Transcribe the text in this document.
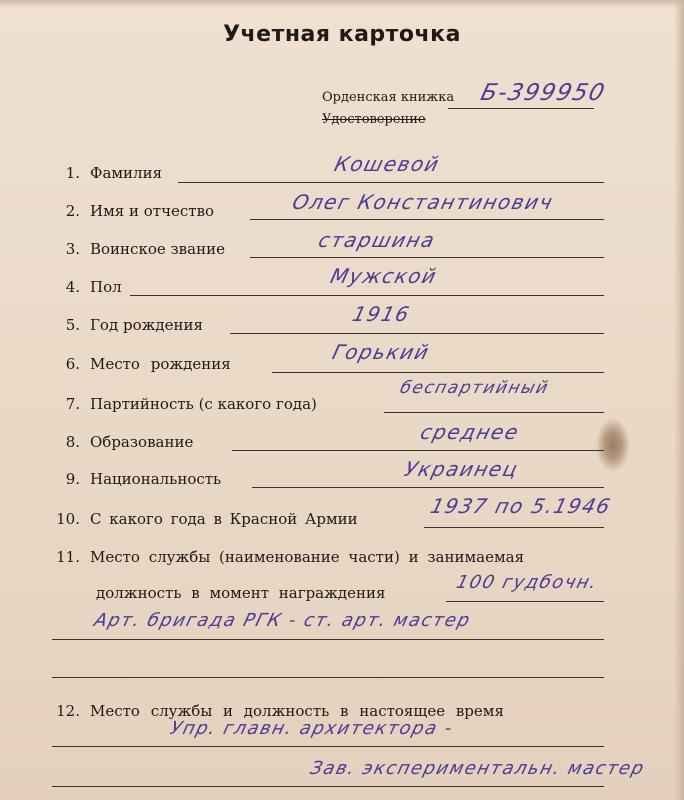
Учетная карточка
Орденская книжка
Удостоверение
Б-399950
1. Фамилия	Кошевой
2. Имя и отчество	Олег Константинович
3. Воинское звание	старшина
4. Пол	Мужской
5. Год рождения	1916
6. Место рождения	Горький
7. Партийность (с какого года)
беспартийный
8. Образование	среднее
9. Национальность	Украинец
10. С какого года в Красной Армии
1937 по 5.1946
11. Место службы (наименование части) и занимаемая
должность в момент награждения	100 гудбочн.
Арт. бригада РГК - ст. арт. мастер
12. Место службы и должность в настоящее время
Упр. главн. архитектора -
Зав. экспериментальн. мастер
